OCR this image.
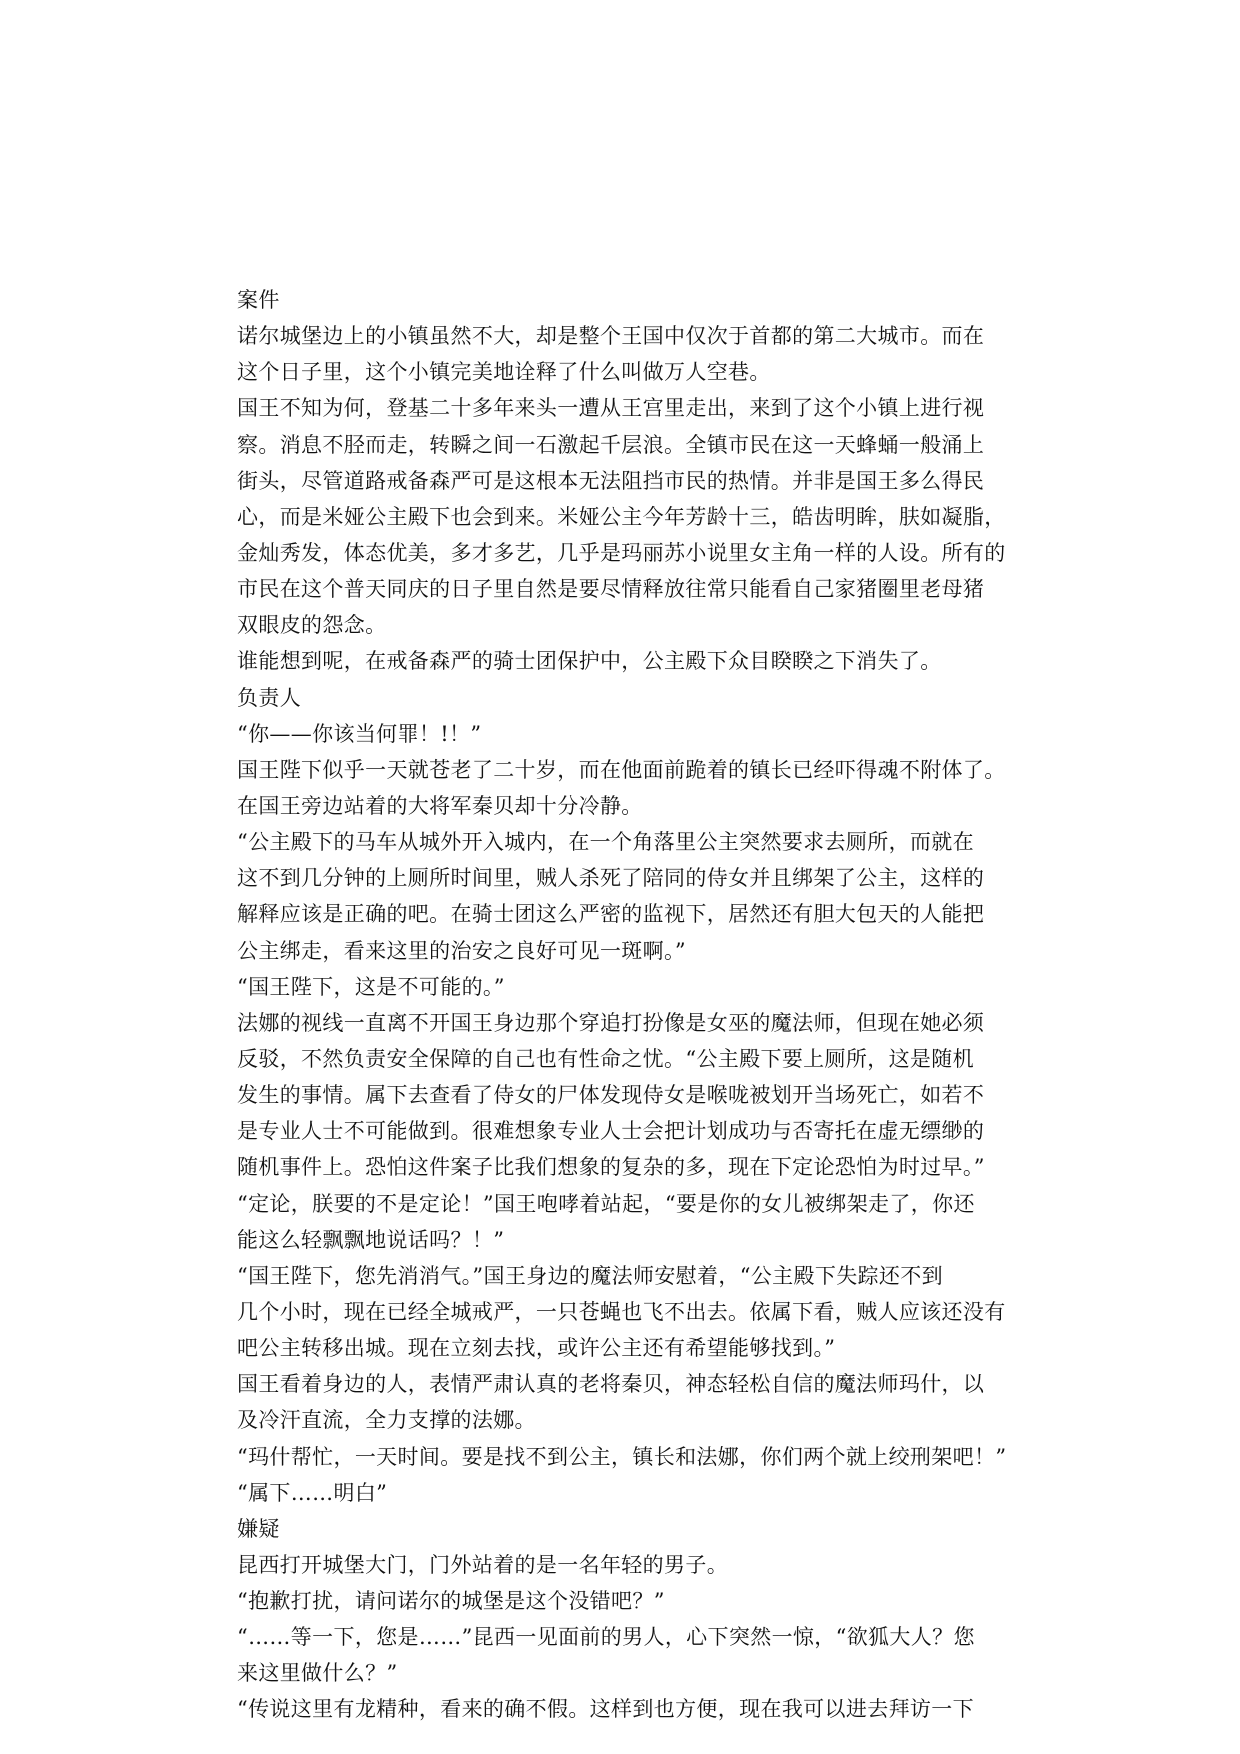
案件
诺尔城堡边上的小镇虽然不大，却是整个王国中仅次于首都的第二大城市。而在
这个日子里，这个小镇完美地诠释了什么叫做万人空巷。
国王不知为何，登基二十多年来头一遭从王宫里走出，来到了这个小镇上进行视
察。消息不胫而走，转瞬之间一石激起千层浪。全镇市民在这一天蜂蛹一般涌上
街头，尽管道路戒备森严可是这根本无法阻挡市民的热情。并非是国王多么得民
心，而是米娅公主殿下也会到来。米娅公主今年芳龄十三，皓齿明眸，肤如凝脂，
金灿秀发，体态优美，多才多艺，几乎是玛丽苏小说里女主角一样的人设。所有的
市民在这个普天同庆的日子里自然是要尽情释放往常只能看自己家猪圈里老母猪
双眼皮的怨念。
谁能想到呢，在戒备森严的骑士团保护中，公主殿下众目睽睽之下消失了。
负责人
“你——你该当何罪！!！”
国王陛下似乎一天就苍老了二十岁，而在他面前跪着的镇长已经吓得魂不附体了。
在国王旁边站着的大将军秦贝却十分冷静。
“公主殿下的马车从城外开入城内，在一个角落里公主突然要求去厕所，而就在
这不到几分钟的上厕所时间里，贼人杀死了陪同的侍女并且绑架了公主，这样的
解释应该是正确的吧。在骑士团这么严密的监视下，居然还有胆大包天的人能把
公主绑走，看来这里的治安之良好可见一斑啊。”
“国王陛下，这是不可能的。”
法娜的视线一直离不开国王身边那个穿追打扮像是女巫的魔法师，但现在她必须
反驳，不然负责安全保障的自己也有性命之忧。“公主殿下要上厕所，这是随机
发生的事情。属下去查看了侍女的尸体发现侍女是喉咙被划开当场死亡，如若不
是专业人士不可能做到。很难想象专业人士会把计划成功与否寄托在虚无缥缈的
随机事件上。恐怕这件案子比我们想象的复杂的多，现在下定论恐怕为时过早。”
“定论，朕要的不是定论！”国王咆哮着站起，“要是你的女儿被绑架走了，你还
能这么轻飘飘地说话吗？！”
“国王陛下，您先消消气。”国王身边的魔法师安慰着，“公主殿下失踪还不到
几个小时，现在已经全城戒严，一只苍蝇也飞不出去。依属下看，贼人应该还没有
吧公主转移出城。现在立刻去找，或许公主还有希望能够找到。”
国王看着身边的人，表情严肃认真的老将秦贝，神态轻松自信的魔法师玛什，以
及冷汗直流，全力支撑的法娜。
“玛什帮忙，一天时间。要是找不到公主，镇长和法娜，你们两个就上绞刑架吧！”
“属下……明白”
嫌疑
昆西打开城堡大门，门外站着的是一名年轻的男子。
“抱歉打扰，请问诺尔的城堡是这个没错吧？”
“……等一下，您是……”昆西一见面前的男人，心下突然一惊，“欲狐大人？您
来这里做什么？”
“传说这里有龙精种，看来的确不假。这样到也方便，现在我可以进去拜访一下
